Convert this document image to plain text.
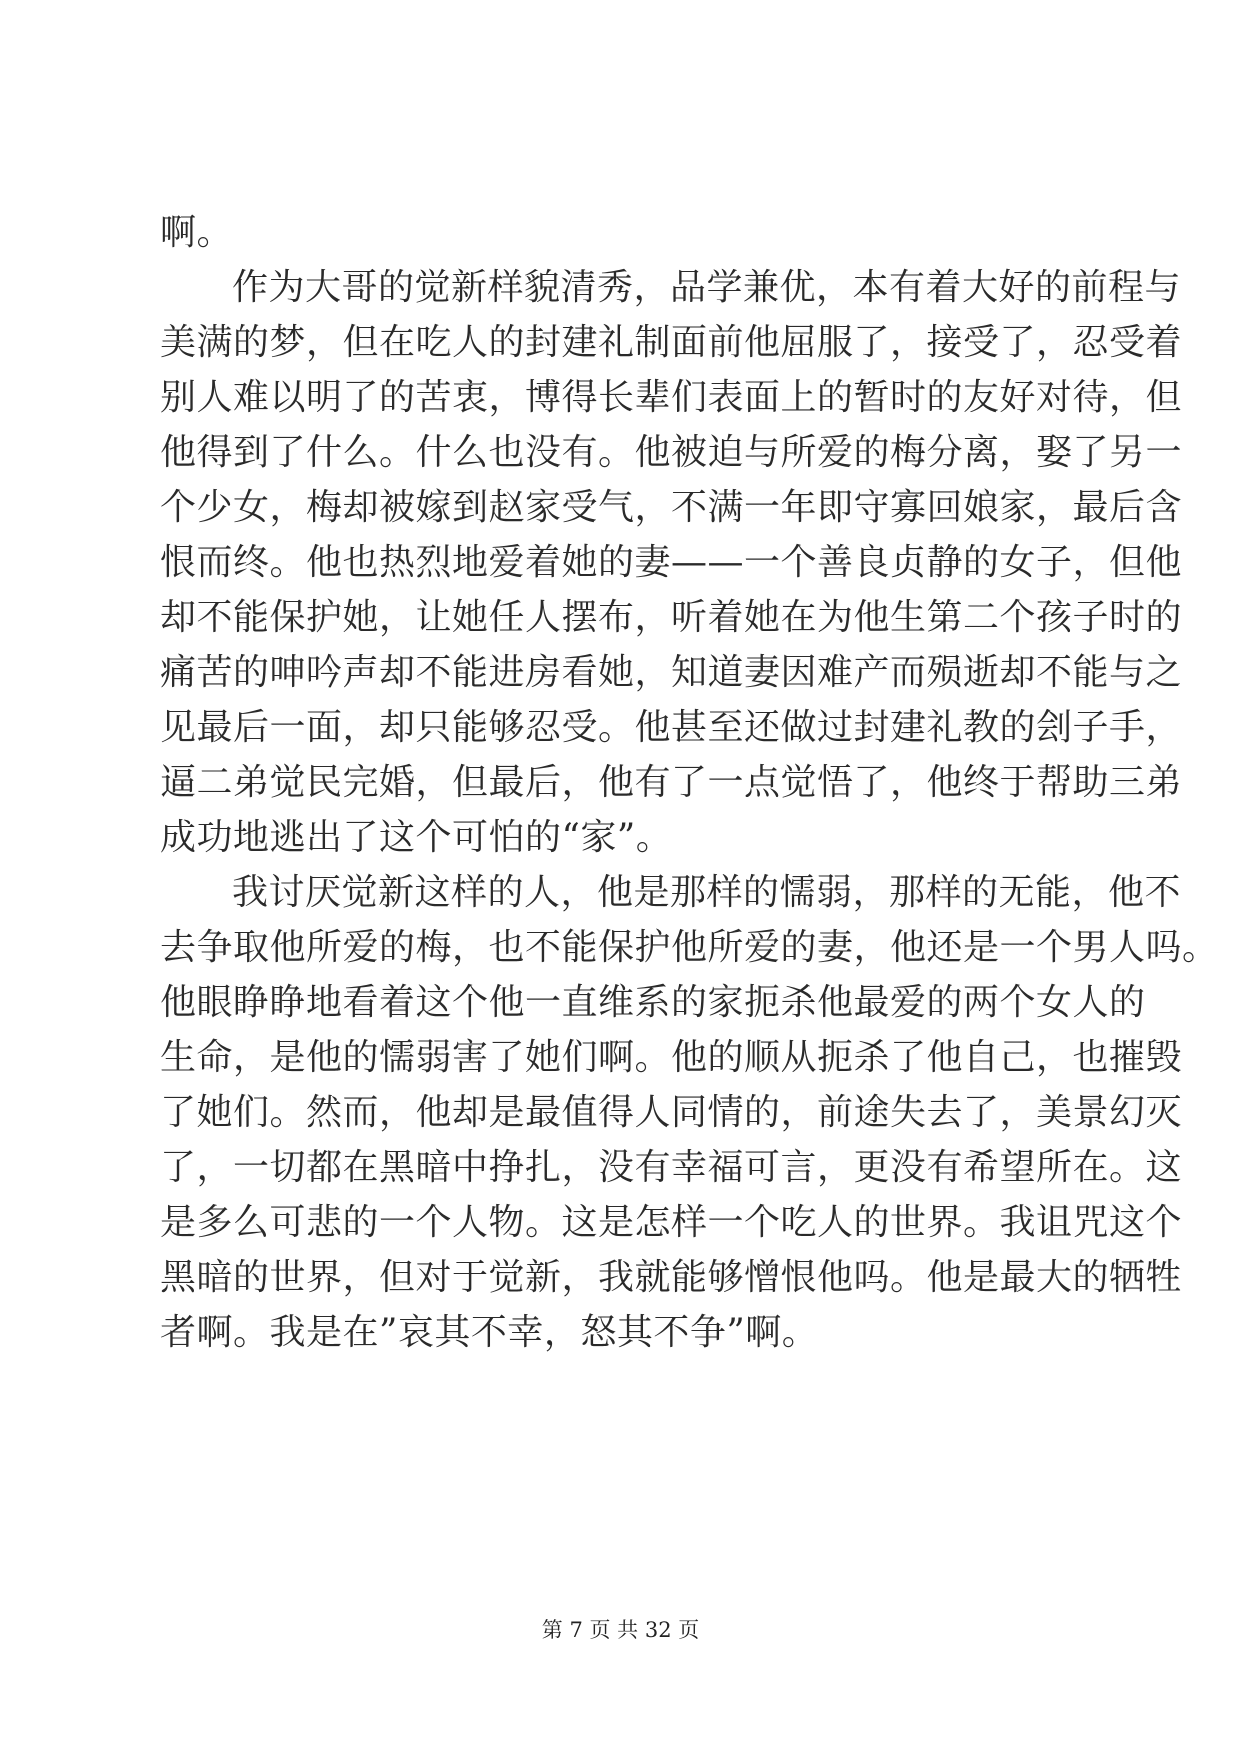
啊。
作为大哥的觉新样貌清秀，品学兼优，本有着大好的前程与
美满的梦，但在吃人的封建礼制面前他屈服了，接受了，忍受着
别人难以明了的苦衷，博得长辈们表面上的暂时的友好对待，但
他得到了什么。什么也没有。他被迫与所爱的梅分离，娶了另一
个少女，梅却被嫁到赵家受气，不满一年即守寡回娘家，最后含
恨而终。他也热烈地爱着她的妻——一个善良贞静的女子，但他
却不能保护她，让她任人摆布，听着她在为他生第二个孩子时的
痛苦的呻吟声却不能进房看她，知道妻因难产而殒逝却不能与之
见最后一面，却只能够忍受。他甚至还做过封建礼教的刽子手，
逼二弟觉民完婚，但最后，他有了一点觉悟了，他终于帮助三弟
成功地逃出了这个可怕的“家”。
我讨厌觉新这样的人，他是那样的懦弱，那样的无能，他不
去争取他所爱的梅，也不能保护他所爱的妻，他还是一个男人吗。
他眼睁睁地看着这个他一直维系的家扼杀他最爱的两个女人的
生命，是他的懦弱害了她们啊。他的顺从扼杀了他自己，也摧毁
了她们。然而，他却是最值得人同情的，前途失去了，美景幻灭
了，一切都在黑暗中挣扎，没有幸福可言，更没有希望所在。这
是多么可悲的一个人物。这是怎样一个吃人的世界。我诅咒这个
黑暗的世界，但对于觉新，我就能够憎恨他吗。他是最大的牺牲
者啊。我是在”哀其不幸，怒其不争”啊。
第 7 页 共 32 页
